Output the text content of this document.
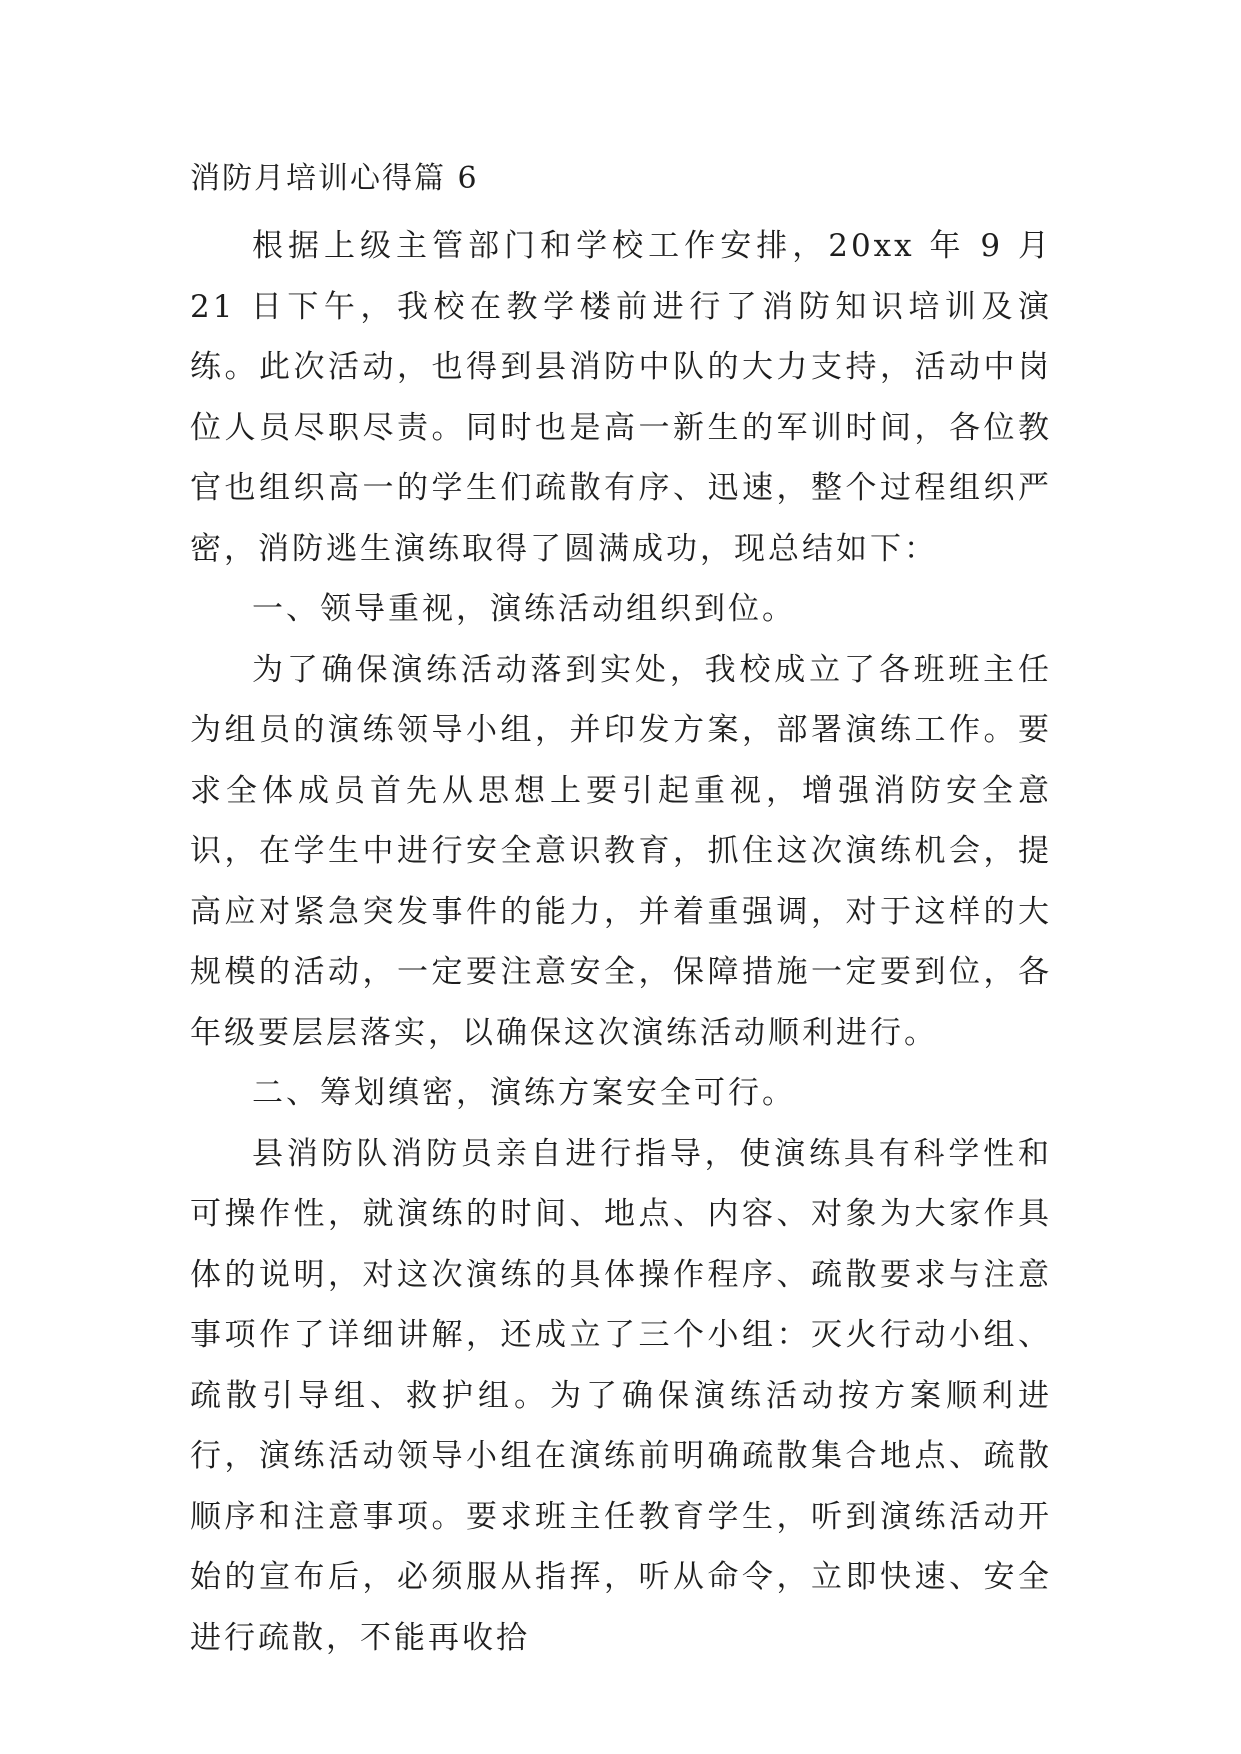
消防月培训心得篇 6

根据上级主管部门和学校工作安排，20xx 年 9 月 21 日下午，我校在教学楼前进行了消防知识培训及演练。此次活动，也得到县消防中队的大力支持，活动中岗位人员尽职尽责。同时也是高一新生的军训时间，各位教官也组织高一的学生们疏散有序、迅速，整个过程组织严密，消防逃生演练取得了圆满成功，现总结如下：

一、领导重视，演练活动组织到位。

为了确保演练活动落到实处，我校成立了各班班主任为组员的演练领导小组，并印发方案，部署演练工作。要求全体成员首先从思想上要引起重视，增强消防安全意识，在学生中进行安全意识教育，抓住这次演练机会，提高应对紧急突发事件的能力，并着重强调，对于这样的大规模的活动，一定要注意安全，保障措施一定要到位，各年级要层层落实，以确保这次演练活动顺利进行。

二、筹划缜密，演练方案安全可行。

县消防队消防员亲自进行指导，使演练具有科学性和可操作性，就演练的时间、地点、内容、对象为大家作具体的说明，对这次演练的具体操作程序、疏散要求与注意事项作了详细讲解，还成立了三个小组：灭火行动小组、疏散引导组、救护组。为了确保演练活动按方案顺利进行，演练活动领导小组在演练前明确疏散集合地点、疏散顺序和注意事项。要求班主任教育学生，听到演练活动开始的宣布后，必须服从指挥，听从命令，立即快速、安全进行疏散，不能再收拾
